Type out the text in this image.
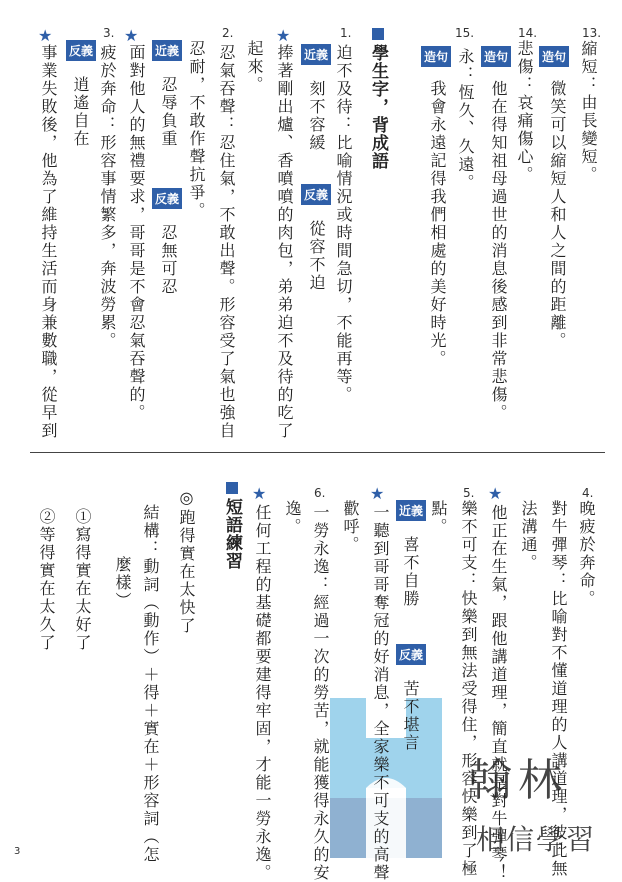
13.
縮短：由長變短。
造句
微笑可以縮短人和人之間的距離。
14.
悲傷：哀痛傷心。
造句
他在得知祖母過世的消息後感到非常悲傷。
15.
永：恆久、久遠。
造句
我會永遠記得我們相處的美好時光。
學生字，背成語
1.
迫不及待：比喻情況或時間急切，不能再等。
近義
刻不容緩
反義
從容不迫
★
捧著剛出爐、香噴噴的肉包，弟弟迫不及待的吃了
起來。
2.
忍氣吞聲：忍住氣，不敢出聲。形容受了氣也強自
忍耐，不敢作聲抗爭。
近義
忍辱負重
反義
忍無可忍
★
面對他人的無禮要求，哥哥是不會忍氣吞聲的。
3.
疲於奔命：形容事情繁多，奔波勞累。
反義
逍遙自在
★
事業失敗後，他為了維持生活而身兼數職，從早到
翰林
相信學習
4.
晚疲於奔命。
對牛彈琴：比喻對不懂道理的人講道理，彼此無
法溝通。
★
他正在生氣，跟他講道理，簡直就是對牛彈琴！
5.
樂不可支：快樂到無法受得住，形容快樂到了極
點。
近義
喜不自勝
反義
苦不堪言
★
一聽到哥哥奪冠的好消息，全家樂不可支的高聲
歡呼。
6.
一勞永逸：經過一次的勞苦，就能獲得永久的安
逸。
★
任何工程的基礎都要建得牢固，才能一勞永逸。
短語練習
◎跑得實在太快了
結構：動詞（動作）＋得＋實在＋形容詞（怎
麼樣）
①寫得實在太好了
②等得實在太久了
3
